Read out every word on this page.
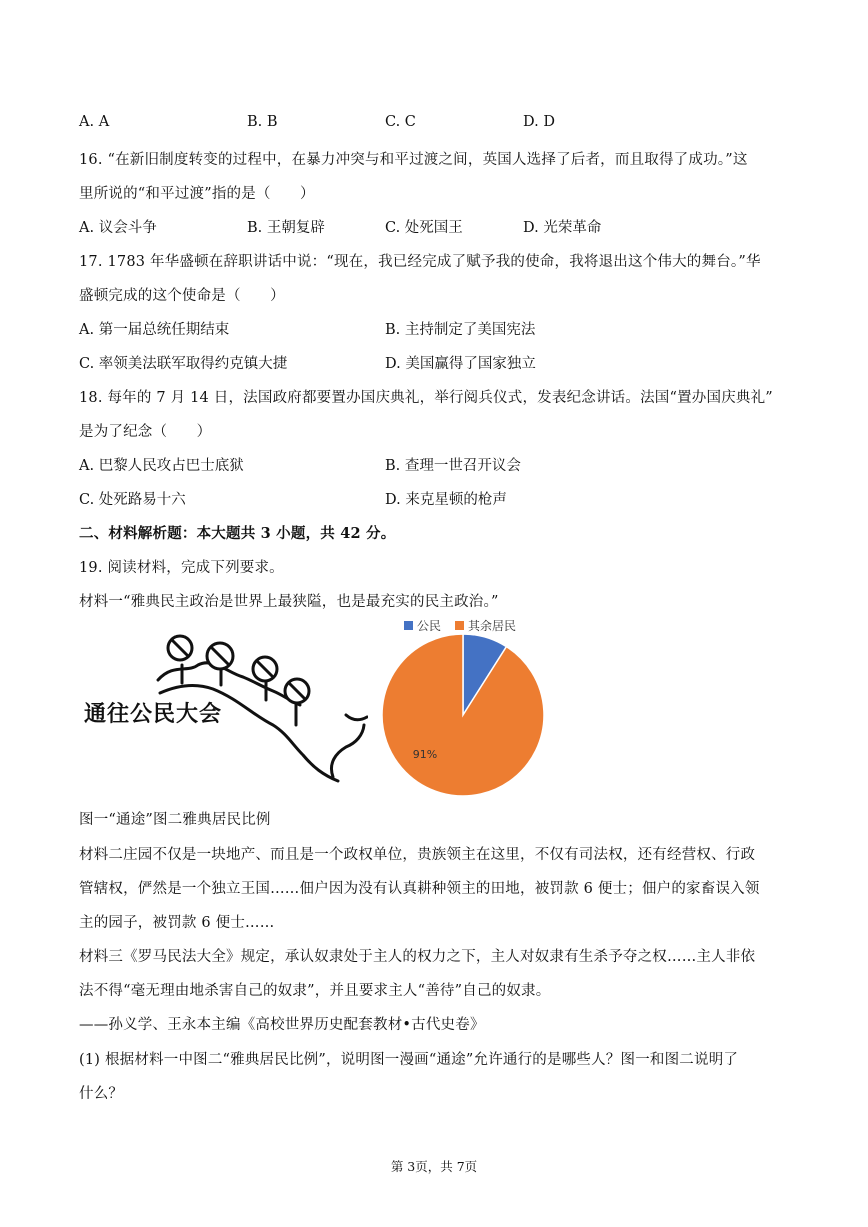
A. A	B. B	C. C	D. D
16. “在新旧制度转变的过程中，在暴力冲突与和平过渡之间，英国人选择了后者，而且取得了成功。”这
里所说的“和平过渡”指的是（　　）
A. 议会斗争	B. 王朝复辟	C. 处死国王	D. 光荣革命
17. 1783 年华盛顿在辞职讲话中说：“现在，我已经完成了赋予我的使命，我将退出这个伟大的舞台。”华
盛顿完成的这个使命是（　　）
A. 第一届总统任期结束	B. 主持制定了美国宪法
C. 率领美法联军取得约克镇大捷	D. 美国赢得了国家独立
18. 每年的 7 月 14 日，法国政府都要置办国庆典礼，举行阅兵仪式，发表纪念讲话。法国“置办国庆典礼”
是为了纪念（　　）
A. 巴黎人民攻占巴士底狱	B. 查理一世召开议会
C. 处死路易十六	D. 来克星顿的枪声
二、材料解析题：本大题共 3 小题，共 42 分。
19. 阅读材料，完成下列要求。
材料一“雅典民主政治是世界上最狭隘，也是最充实的民主政治。”
通往公民大会
公民 其余居民
91%
图一“通途”图二雅典居民比例
材料二庄园不仅是一块地产、而且是一个政权单位，贵族领主在这里，不仅有司法权，还有经营权、行政
管辖权，俨然是一个独立王国……佃户因为没有认真耕种领主的田地，被罚款 6 便士；佃户的家畜误入领
主的园子，被罚款 6 便士……
材料三《罗马民法大全》规定，承认奴隶处于主人的权力之下，主人对奴隶有生杀予夺之权……主人非依
法不得“毫无理由地杀害自己的奴隶”，并且要求主人“善待”自己的奴隶。
——孙义学、王永本主编《高校世界历史配套教材•古代史卷》
(1) 根据材料一中图二“雅典居民比例”，说明图一漫画“通途”允许通行的是哪些人？图一和图二说明了
什么？
第 3页，共 7页
